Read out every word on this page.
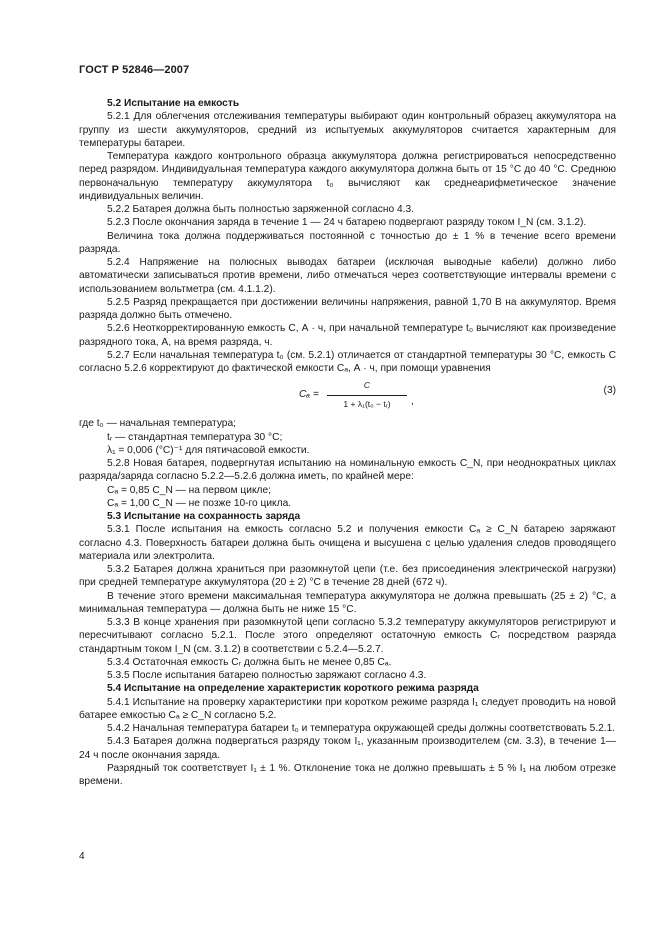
ГОСТ Р 52846—2007

5.2 Испытание на емкость

5.2.1 Для облегчения отслеживания температуры выбирают один контрольный образец аккумулятора на группу из шести аккумуляторов, средний из испытуемых аккумуляторов считается характерным для температуры батареи.

Температура каждого контрольного образца аккумулятора должна регистрироваться непосредственно перед разрядом. Индивидуальная температура каждого аккумулятора должна быть от 15 °С до 40 °С. Среднюю первоначальную температуру аккумулятора t₀ вычисляют как среднеарифметическое значение индивидуальных величин.

5.2.2 Батарея должна быть полностью заряженной согласно 4.3.

5.2.3 После окончания заряда в течение 1 — 24 ч батарею подвергают разряду током I_N (см. 3.1.2).

Величина тока должна поддерживаться постоянной с точностью до ± 1 % в течение всего времени разряда.

5.2.4 Напряжение на полюсных выводах батареи (исключая выводные кабели) должно либо автоматически записываться против времени, либо отмечаться через соответствующие интервалы времени с использованием вольтметра (см. 4.1.1.2).

5.2.5 Разряд прекращается при достижении величины напряжения, равной 1,70 В на аккумулятор. Время разряда должно быть отмечено.

5.2.6 Неоткорректированную емкость C, А · ч, при начальной температуре t₀ вычисляют как произведение разрядного тока, А, на время разряда, ч.

5.2.7 Если начальная температура t₀ (см. 5.2.1) отличается от стандартной температуры 30 °С, емкость C согласно 5.2.6 корректируют до фактической емкости Cₐ, А · ч, при помощи уравнения

$C_a = \frac{C}{\text{1 + λ₁(t₀ − tᵣ)}}$	(3)
,

где t₀ — начальная температура;

tᵣ — стандартная температура 30 °С;

λ₁ = 0,006 (°С)⁻¹ для пятичасовой емкости.

5.2.8 Новая батарея, подвергнутая испытанию на номинальную емкость C_N, при неоднократных циклах разряда/заряда согласно 5.2.2—5.2.6 должна иметь, по крайней мере:

Cₐ = 0,85 C_N — на первом цикле;

Cₐ = 1,00 C_N — не позже 10-го цикла.

5.3 Испытание на сохранность заряда

5.3.1 После испытания на емкость согласно 5.2 и получения емкости Cₐ ≥ C_N батарею заряжают согласно 4.3. Поверхность батареи должна быть очищена и высушена с целью удаления следов проводящего материала или электролита.

5.3.2 Батарея должна храниться при разомкнутой цепи (т.е. без присоединения электрической нагрузки) при средней температуре аккумулятора (20 ± 2) °С в течение 28 дней (672 ч).

В течение этого времени максимальная температура аккумулятора не должна превышать (25 ± 2) °С, а минимальная температура — должна быть не ниже 15 °С.

5.3.3 В конце хранения при разомкнутой цепи согласно 5.3.2 температуру аккумуляторов регистрируют и пересчитывают согласно 5.2.1. После этого определяют остаточную емкость Cᵣ посредством разряда стандартным током I_N (см. 3.1.2) в соответствии с 5.2.4—5.2.7.

5.3.4 Остаточная емкость Cᵣ должна быть не менее 0,85 Cₐ.

5.3.5 После испытания батарею полностью заряжают согласно 4.3.

5.4 Испытание на определение характеристик короткого режима разряда

5.4.1 Испытание на проверку характеристики при коротком режиме разряда I₁ следует проводить на новой батарее емкостью Cₐ ≥ C_N согласно 5.2.

5.4.2 Начальная температура батареи t₀ и температура окружающей среды должны соответствовать 5.2.1.

5.4.3 Батарея должна подвергаться разряду током I₁, указанным производителем (см. 3.3), в течение 1—24 ч после окончания заряда.

Разрядный ток соответствует I₁ ± 1 %. Отклонение тока не должно превышать ± 5 % I₁ на любом отрезке времени.

4
